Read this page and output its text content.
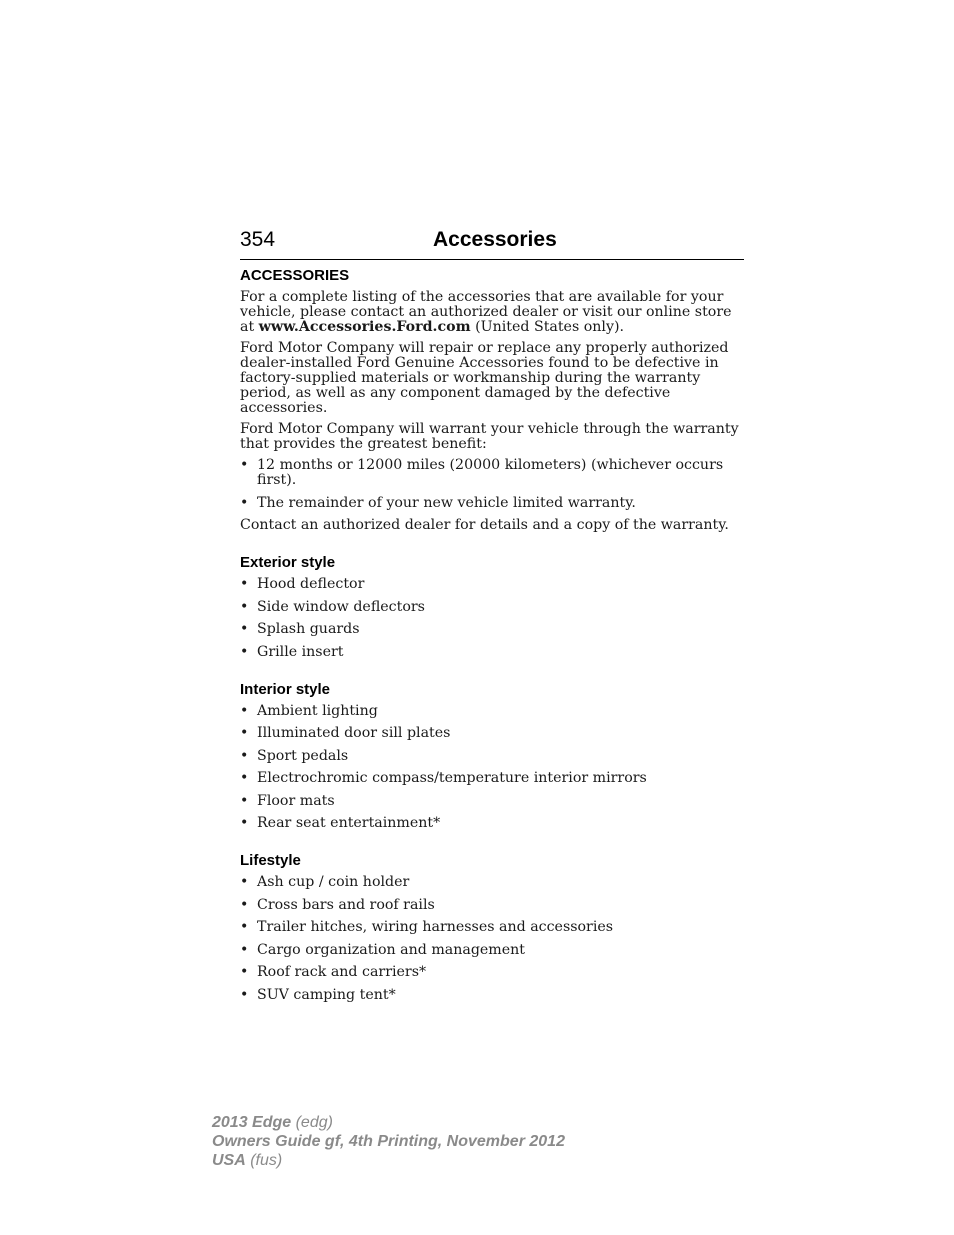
354	Accessories
ACCESSORIES

For a complete listing of the accessories that are available for your vehicle, please contact an authorized dealer or visit our online store at www.Accessories.Ford.com (United States only).

Ford Motor Company will repair or replace any properly authorized dealer-installed Ford Genuine Accessories found to be defective in factory-supplied materials or workmanship during the warranty period, as well as any component damaged by the defective accessories.

Ford Motor Company will warrant your vehicle through the warranty that provides the greatest benefit:

• 12 months or 12000 miles (20000 kilometers) (whichever occurs first).
• The remainder of your new vehicle limited warranty.

Contact an authorized dealer for details and a copy of the warranty.

Exterior style
• Hood deflector
• Side window deflectors
• Splash guards
• Grille insert
Interior style
• Ambient lighting
• Illuminated door sill plates
• Sport pedals
• Electrochromic compass/temperature interior mirrors
• Floor mats
• Rear seat entertainment*
Lifestyle
• Ash cup / coin holder
• Cross bars and roof rails
• Trailer hitches, wiring harnesses and accessories
• Cargo organization and management
• Roof rack and carriers*
• SUV camping tent*
2013 Edge (edg)
Owners Guide gf, 4th Printing, November 2012
USA (fus)
